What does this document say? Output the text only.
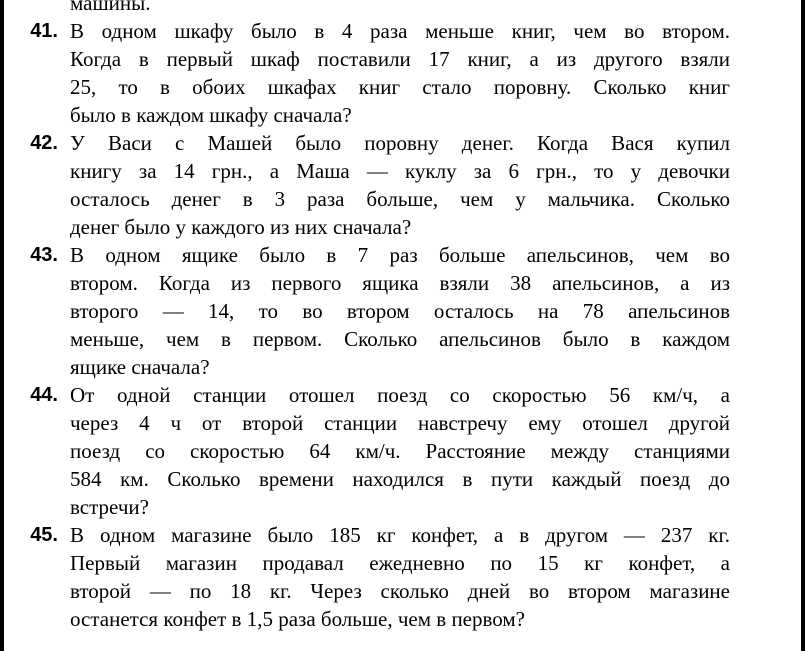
машины.
41. В одном шкафу было в 4 раза меньше книг, чем во втором.
Когда в первый шкаф поставили 17 книг, а из другого взяли
25, то в обоих шкафах книг стало поровну. Сколько книг
было в каждом шкафу сначала?
42. У Васи с Машей было поровну денег. Когда Вася купил
книгу за 14 грн., а Маша — куклу за 6 грн., то у девочки
осталось денег в 3 раза больше, чем у мальчика. Сколько
денег было у каждого из них сначала?
43. В одном ящике было в 7 раз больше апельсинов, чем во
втором. Когда из первого ящика взяли 38 апельсинов, а из
второго — 14, то во втором осталось на 78 апельсинов
меньше, чем в первом. Сколько апельсинов было в каждом
ящике сначала?
44. От одной станции отошел поезд со скоростью 56 км/ч, а
через 4 ч от второй станции навстречу ему отошел другой
поезд со скоростью 64 км/ч. Расстояние между станциями
584 км. Сколько времени находился в пути каждый поезд до
встречи?
45. В одном магазине было 185 кг конфет, а в другом — 237 кг.
Первый магазин продавал ежедневно по 15 кг конфет, а
второй — по 18 кг. Через сколько дней во втором магазине
останется конфет в 1,5 раза больше, чем в первом?
